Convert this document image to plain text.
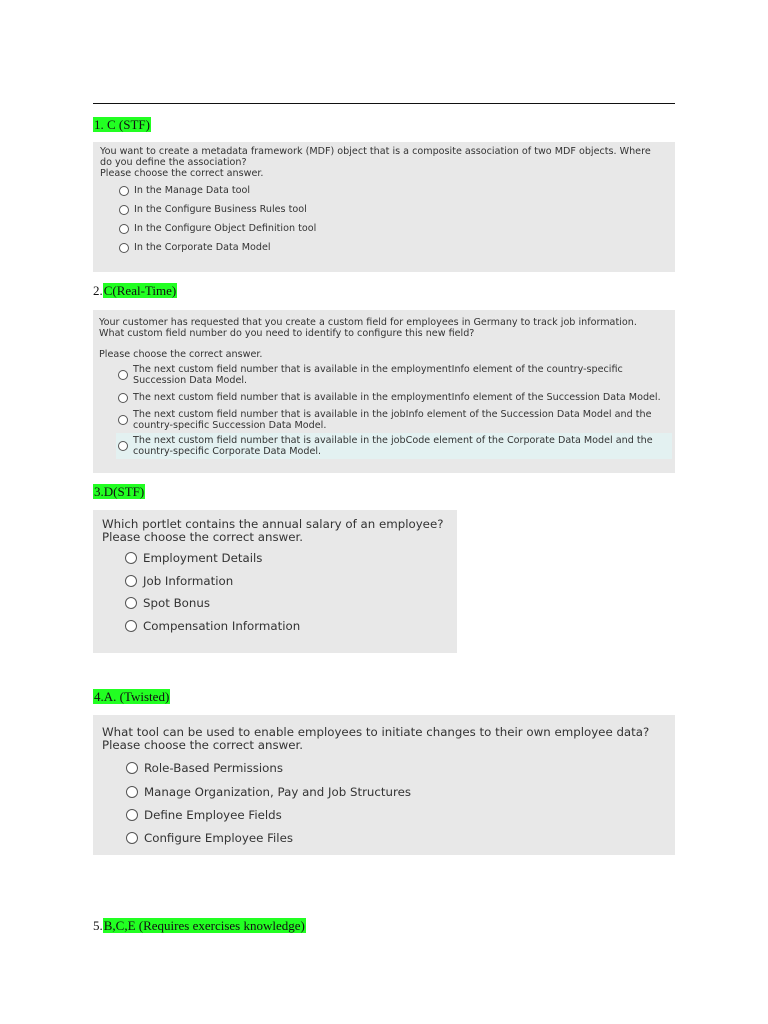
1. C (STF)
You want to create a metadata framework (MDF) object that is a composite association of two MDF objects. Where
do you define the association?
Please choose the correct answer.
In the Manage Data tool
In the Configure Business Rules tool
In the Configure Object Definition tool
In the Corporate Data Model
2.C(Real-Time)
Your customer has requested that you create a custom field for employees in Germany to track job information.
What custom field number do you need to identify to configure this new field?
Please choose the correct answer.
The next custom field number that is available in the employmentInfo element of the country-specific
Succession Data Model.
The next custom field number that is available in the employmentInfo element of the Succession Data Model.
The next custom field number that is available in the jobInfo element of the Succession Data Model and the
country-specific Succession Data Model.
The next custom field number that is available in the jobCode element of the Corporate Data Model and the
country-specific Corporate Data Model.
3.D(STF)
Which portlet contains the annual salary of an employee?
Please choose the correct answer.
Employment Details
Job Information
Spot Bonus
Compensation Information
4.A. (Twisted)
What tool can be used to enable employees to initiate changes to their own employee data?
Please choose the correct answer.
Role-Based Permissions
Manage Organization, Pay and Job Structures
Define Employee Fields
Configure Employee Files
5.B,C,E (Requires exercises knowledge)
